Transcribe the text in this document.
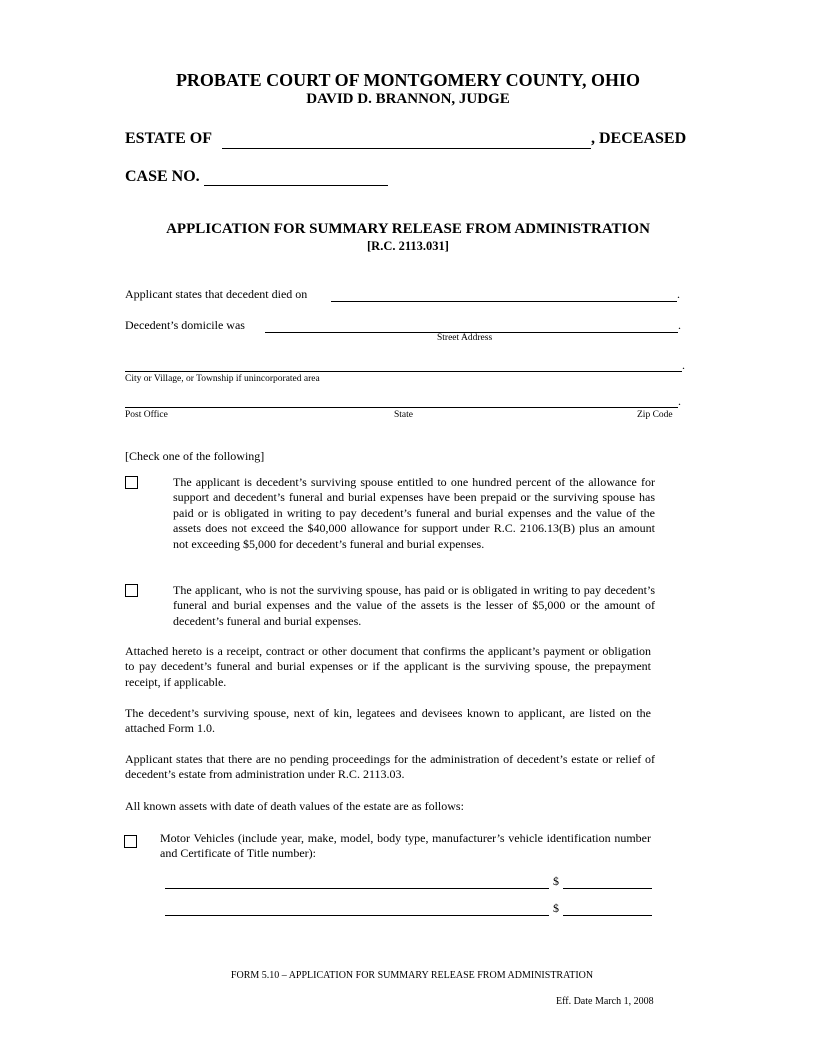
PROBATE COURT OF MONTGOMERY COUNTY, OHIO
DAVID D. BRANNON, JUDGE
ESTATE OF	, DECEASED
CASE NO.
APPLICATION FOR SUMMARY RELEASE FROM ADMINISTRATION
[R.C. 2113.031]
Applicant states that decedent died on	.
Decedent’s domicile was	.
Street Address
.
City or Village, or Township if unincorporated area
.
Post Office	State	Zip Code
[Check one of the following]
The applicant is decedent’s surviving spouse entitled to one hundred percent of the allowance for support and decedent’s funeral and burial expenses have been prepaid or the surviving spouse has paid or is obligated in writing to pay decedent’s funeral and burial expenses and the value of the assets does not exceed the $40,000 allowance for support under R.C. 2106.13(B) plus an amount not exceeding $5,000 for decedent’s funeral and burial expenses.
The applicant, who is not the surviving spouse, has paid or is obligated in writing to pay decedent’s funeral and burial expenses and the value of the assets is the lesser of $5,000 or the amount of decedent’s funeral and burial expenses.
Attached hereto is a receipt, contract or other document that confirms the applicant’s payment or obligation to pay decedent’s funeral and burial expenses or if the applicant is the surviving spouse, the prepayment receipt, if applicable.
The decedent’s surviving spouse, next of kin, legatees and devisees known to applicant, are listed on the attached Form 1.0.
Applicant states that there are no pending proceedings for the administration of decedent’s estate or relief of decedent’s estate from administration under R.C. 2113.03.
All known assets with date of death values of the estate are as follows:
Motor Vehicles (include year, make, model, body type, manufacturer’s vehicle identification number and Certificate of Title number):
$
$
FORM 5.10 – APPLICATION FOR SUMMARY RELEASE FROM ADMINISTRATION
Eff. Date March 1, 2008
